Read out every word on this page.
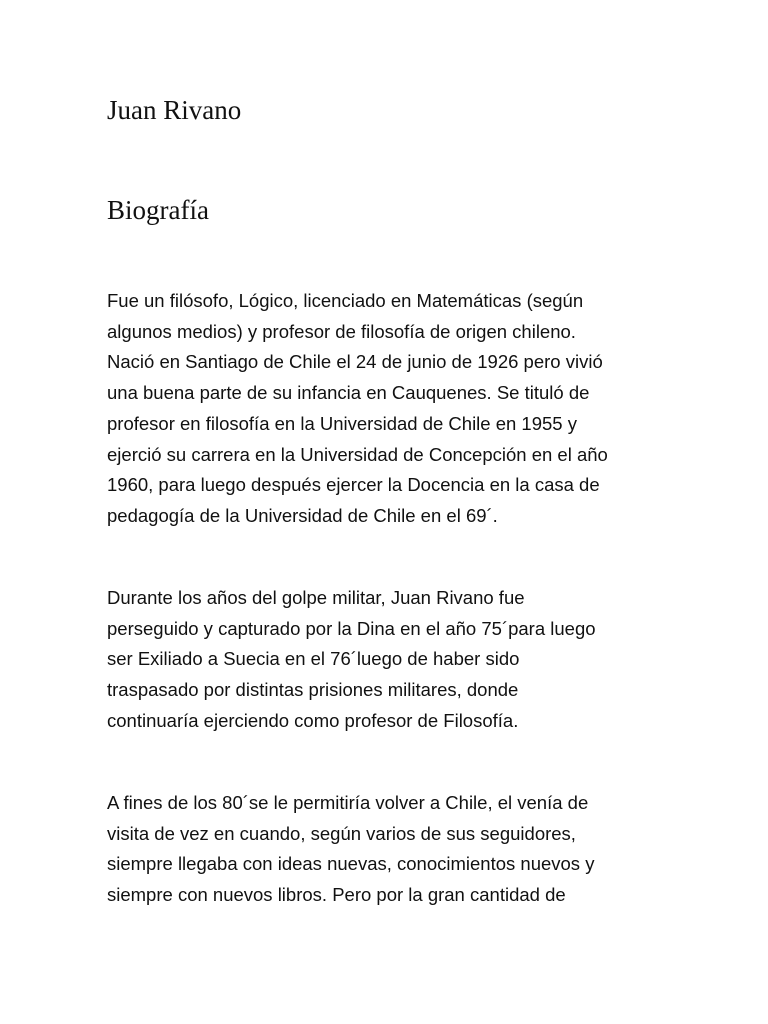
Juan Rivano
Biografía

Fue un filósofo, Lógico, licenciado en Matemáticas (según
algunos medios) y profesor de filosofía de origen chileno.
Nació en Santiago de Chile el 24 de junio de 1926 pero vivió
una buena parte de su infancia en Cauquenes. Se tituló de
profesor en filosofía en la Universidad de Chile en 1955 y
ejerció su carrera en la Universidad de Concepción en el año
1960, para luego después ejercer la Docencia en la casa de
pedagogía de la Universidad de Chile en el 69´.

Durante los años del golpe militar, Juan Rivano fue
perseguido y capturado por la Dina en el año 75´para luego
ser Exiliado a Suecia en el 76´luego de haber sido
traspasado por distintas prisiones militares, donde
continuaría ejerciendo como profesor de Filosofía.

A fines de los 80´se le permitiría volver a Chile, el venía de
visita de vez en cuando, según varios de sus seguidores,
siempre llegaba con ideas nuevas, conocimientos nuevos y
siempre con nuevos libros. Pero por la gran cantidad de
